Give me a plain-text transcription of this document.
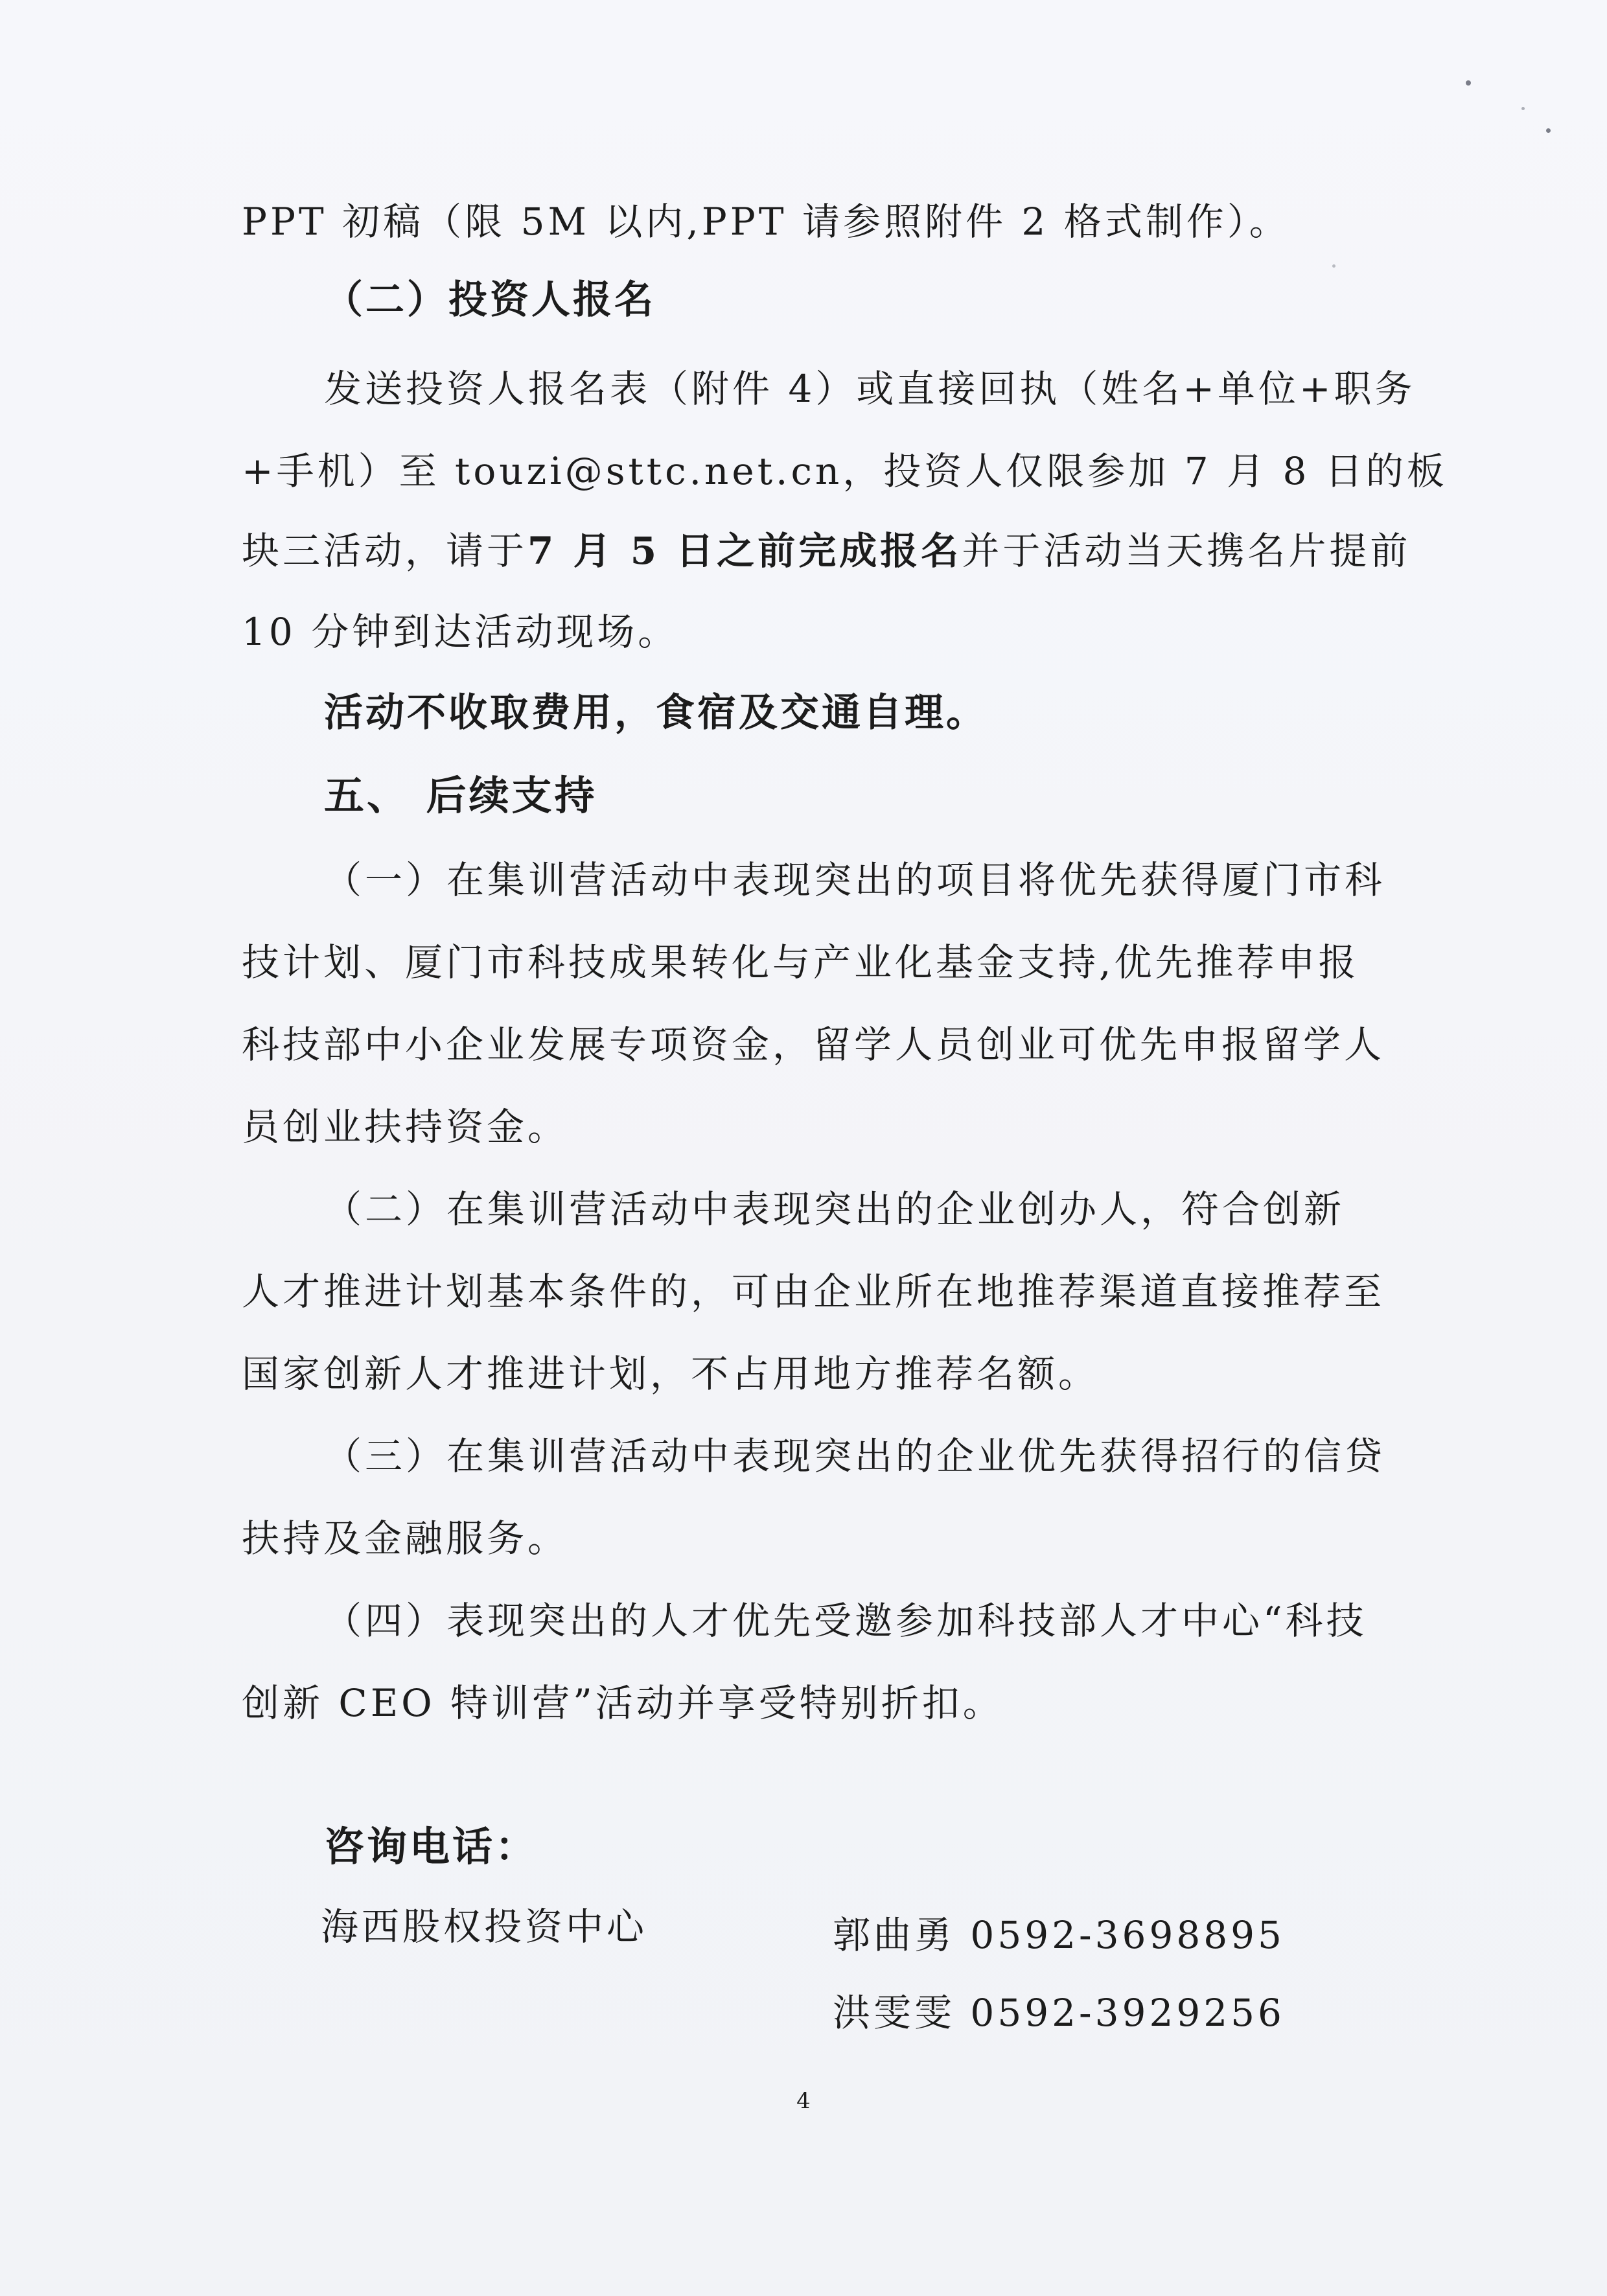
PPT 初稿（限 5M 以内,PPT 请参照附件 2 格式制作）。
（二）投资人报名
发送投资人报名表（附件 4）或直接回执（姓名+单位+职务
+手机）至 touzi@sttc.net.cn，投资人仅限参加 7 月 8 日的板
块三活动，请于7 月 5 日之前完成报名并于活动当天携名片提前
10 分钟到达活动现场。
活动不收取费用，食宿及交通自理。
五、 后续支持
（一）在集训营活动中表现突出的项目将优先获得厦门市科
技计划、厦门市科技成果转化与产业化基金支持,优先推荐申报
科技部中小企业发展专项资金，留学人员创业可优先申报留学人
员创业扶持资金。
（二）在集训营活动中表现突出的企业创办人，符合创新
人才推进计划基本条件的，可由企业所在地推荐渠道直接推荐至
国家创新人才推进计划，不占用地方推荐名额。
（三）在集训营活动中表现突出的企业优先获得招行的信贷
扶持及金融服务。
（四）表现突出的人才优先受邀参加科技部人才中心“科技
创新 CEO 特训营”活动并享受特别折扣。
咨询电话：
海西股权投资中心	郭曲勇 0592-3698895
洪雯雯 0592-3929256
4
